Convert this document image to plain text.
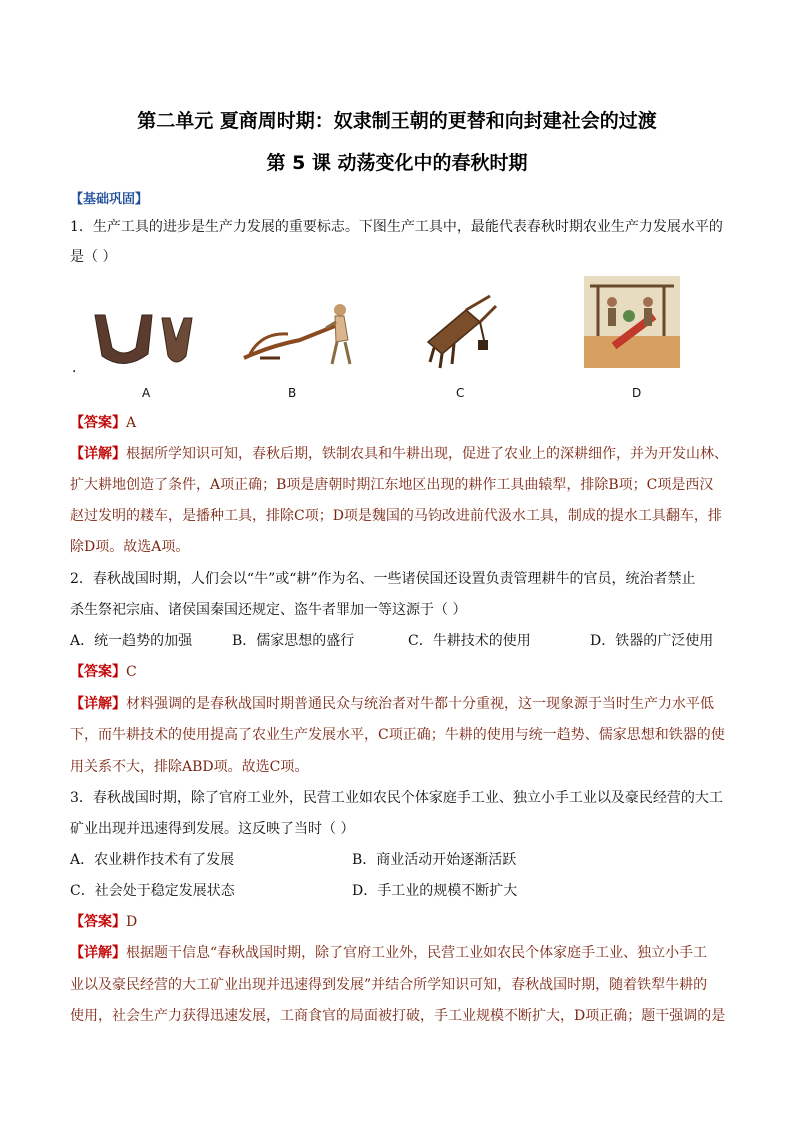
第二单元 夏商周时期：奴隶制王朝的更替和向封建社会的过渡
第 5 课 动荡变化中的春秋时期
【基础巩固】
1．生产工具的进步是生产力发展的重要标志。下图生产工具中，最能代表春秋时期农业生产力发展水平的
是（ ）
．
A	B	C	D
【答案】A
【详解】根据所学知识可知，春秋后期，铁制农具和牛耕出现，促进了农业上的深耕细作，并为开发山林、
扩大耕地创造了条件，A项正确；B项是唐朝时期江东地区出现的耕作工具曲辕犁，排除B项；C项是西汉
赵过发明的耧车，是播种工具，排除C项；D项是魏国的马钧改进前代汲水工具，制成的提水工具翻车，排
除D项。故选A项。
2．春秋战国时期，人们会以“牛”或“耕”作为名、一些诸侯国还设置负责管理耕牛的官员，统治者禁止
杀生祭祀宗庙、诸侯国秦国还规定、盗牛者罪加一等这源于（ ）
A．统一趋势的加强	B．儒家思想的盛行	C．牛耕技术的使用	D．铁器的广泛使用
【答案】C
【详解】材料强调的是春秋战国时期普通民众与统治者对牛都十分重视，这一现象源于当时生产力水平低
下，而牛耕技术的使用提高了农业生产发展水平，C项正确；牛耕的使用与统一趋势、儒家思想和铁器的使
用关系不大，排除ABD项。故选C项。
3．春秋战国时期，除了官府工业外，民营工业如农民个体家庭手工业、独立小手工业以及豪民经营的大工
矿业出现并迅速得到发展。这反映了当时（ ）
A．农业耕作技术有了发展	B．商业活动开始逐渐活跃
C．社会处于稳定发展状态	D．手工业的规模不断扩大
【答案】D
【详解】根据题干信息“春秋战国时期，除了官府工业外，民营工业如农民个体家庭手工业、独立小手工
业以及豪民经营的大工矿业出现并迅速得到发展”并结合所学知识可知，春秋战国时期，随着铁犁牛耕的
使用，社会生产力获得迅速发展，工商食官的局面被打破，手工业规模不断扩大，D项正确；题干强调的是
